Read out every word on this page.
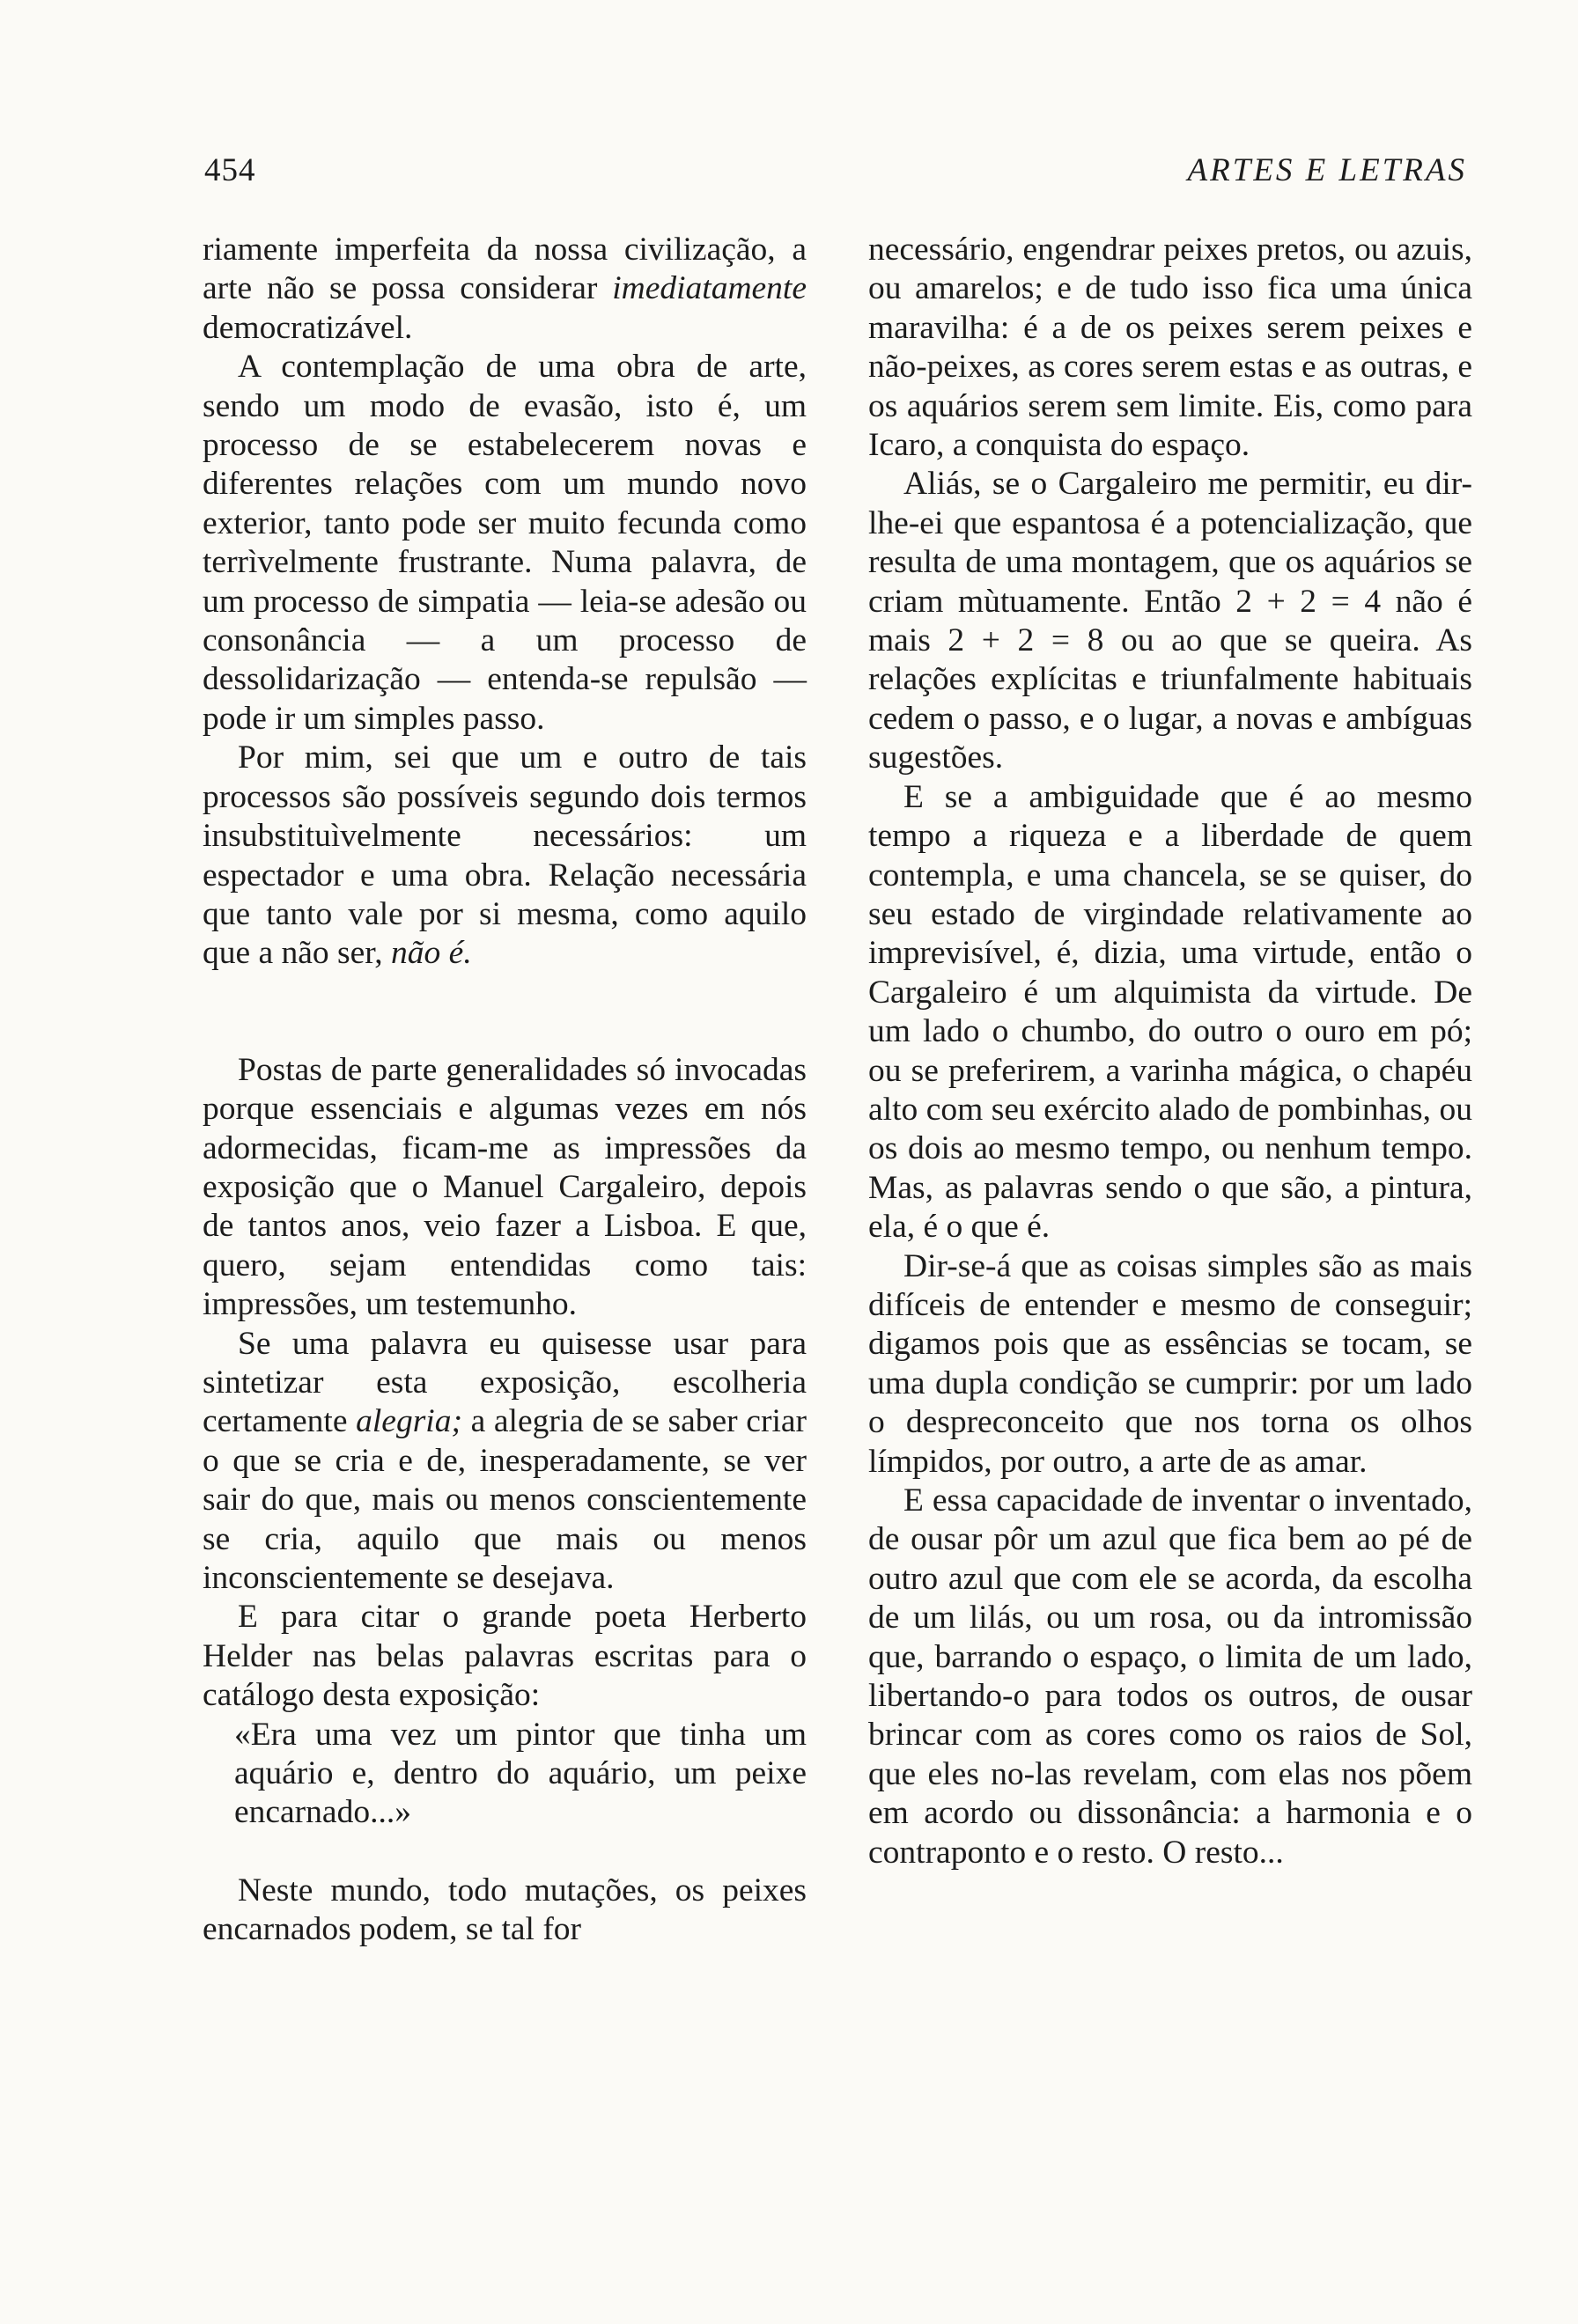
454	ARTES E LETRAS

riamente imperfeita da nossa civilização, a arte não se possa considerar imediatamente democratizável.

A contemplação de uma obra de arte, sendo um modo de evasão, isto é, um processo de se estabelecerem novas e diferentes relações com um mundo novo exterior, tanto pode ser muito fecunda como terrìvelmente frustrante. Numa palavra, de um processo de simpatia — leia-se adesão ou consonância — a um processo de dessolidarização — entenda-se repulsão — pode ir um simples passo.

Por mim, sei que um e outro de tais processos são possíveis segundo dois termos insubstituìvelmente necessários: um espectador e uma obra. Relação necessária que tanto vale por si mesma, como aquilo que a não ser, não é.

Postas de parte generalidades só invocadas porque essenciais e algumas vezes em nós adormecidas, ficam-me as impressões da exposição que o Manuel Cargaleiro, depois de tantos anos, veio fazer a Lisboa. E que, quero, sejam entendidas como tais: impressões, um testemunho.

Se uma palavra eu quisesse usar para sintetizar esta exposição, escolheria certamente alegria; a alegria de se saber criar o que se cria e de, inesperadamente, se ver sair do que, mais ou menos conscientemente se cria, aquilo que mais ou menos inconscientemente se desejava.

E para citar o grande poeta Herberto Helder nas belas palavras escritas para o catálogo desta exposição:

«Era uma vez um pintor que tinha um aquário e, dentro do aquário, um peixe encarnado...»

Neste mundo, todo mutações, os peixes encarnados podem, se tal for

necessário, engendrar peixes pretos, ou azuis, ou amarelos; e de tudo isso fica uma única maravilha: é a de os peixes serem peixes e não-peixes, as cores serem estas e as outras, e os aquários serem sem limite. Eis, como para Icaro, a conquista do espaço.

Aliás, se o Cargaleiro me permitir, eu dir-lhe-ei que espantosa é a potencialização, que resulta de uma montagem, que os aquários se criam mùtuamente. Então 2 + 2 = 4 não é mais 2 + 2 = 8 ou ao que se queira. As relações explícitas e triunfalmente habituais cedem o passo, e o lugar, a novas e ambíguas sugestões.

E se a ambiguidade que é ao mesmo tempo a riqueza e a liberdade de quem contempla, e uma chancela, se se quiser, do seu estado de virgindade relativamente ao imprevisível, é, dizia, uma virtude, então o Cargaleiro é um alquimista da virtude. De um lado o chumbo, do outro o ouro em pó; ou se preferirem, a varinha mágica, o chapéu alto com seu exército alado de pombinhas, ou os dois ao mesmo tempo, ou nenhum tempo. Mas, as palavras sendo o que são, a pintura, ela, é o que é.

Dir-se-á que as coisas simples são as mais difíceis de entender e mesmo de conseguir; digamos pois que as essências se tocam, se uma dupla condição se cumprir: por um lado o despreconceito que nos torna os olhos límpidos, por outro, a arte de as amar.

E essa capacidade de inventar o inventado, de ousar pôr um azul que fica bem ao pé de outro azul que com ele se acorda, da escolha de um lilás, ou um rosa, ou da intromissão que, barrando o espaço, o limita de um lado, libertando-o para todos os outros, de ousar brincar com as cores como os raios de Sol, que eles no-las revelam, com elas nos põem em acordo ou dissonância: a harmonia e o contraponto e o resto. O resto...
